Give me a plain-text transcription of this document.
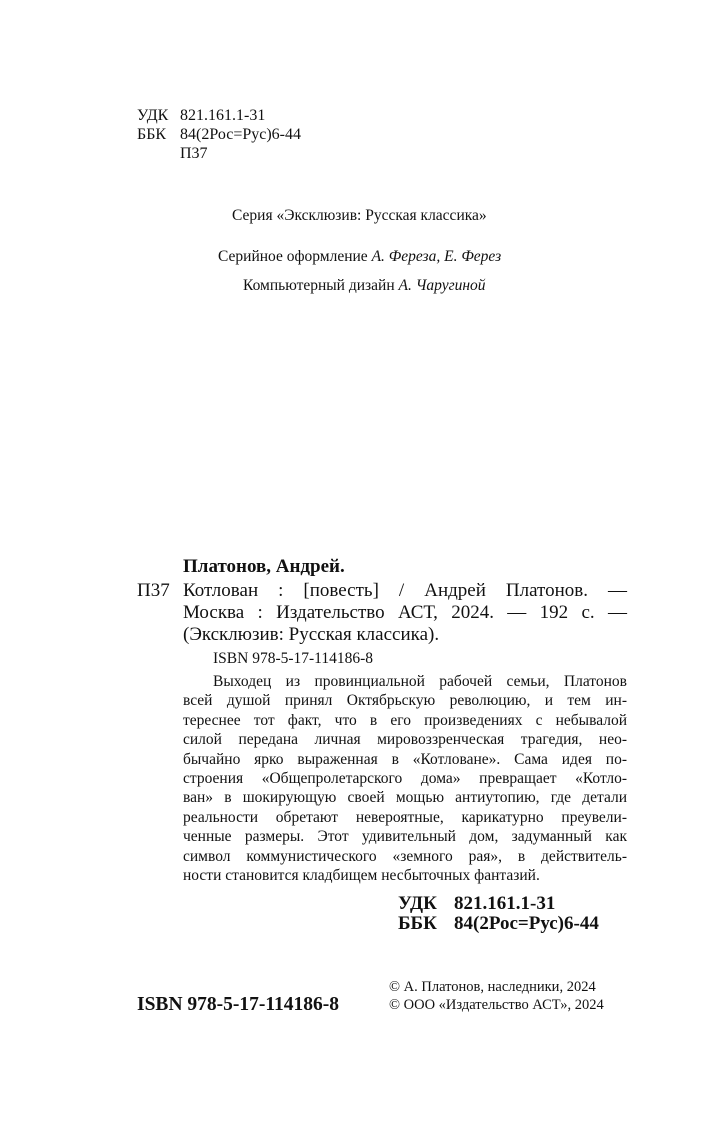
УДК 821.161.1-31
ББК 84(2Рос=Рус)6-44
П37
Серия «Эксклюзив: Русская классика»
Серийное оформление А. Фереза, Е. Ферез
Компьютерный дизайн А. Чаругиной
Платонов, Андрей.
П37 Котлован : [повесть] / Андрей Платонов. —
Москва : Издательство АСТ, 2024. — 192 с. —
(Эксклюзив: Русская классика).
ISBN 978-5-17-114186-8
Выходец из провинциальной рабочей семьи, Платонов
всей душой принял Октябрьскую революцию, и тем ин-
тереснее тот факт, что в его произведениях с небывалой
силой передана личная мировоззренческая трагедия, нео-
бычайно ярко выраженная в «Котловане». Сама идея по-
строения «Общепролетарского дома» превращает «Котло-
ван» в шокирующую своей мощью антиутопию, где детали
реальности обретают невероятные, карикатурно преувели-
ченные размеры. Этот удивительный дом, задуманный как
символ коммунистического «земного рая», в действитель-
ности становится кладбищем несбыточных фантазий.
УДК 821.161.1-31
ББК 84(2Рос=Рус)6-44
ISBN 978-5-17-114186-8
© А. Платонов, наследники, 2024
© ООО «Издательство АСТ», 2024
